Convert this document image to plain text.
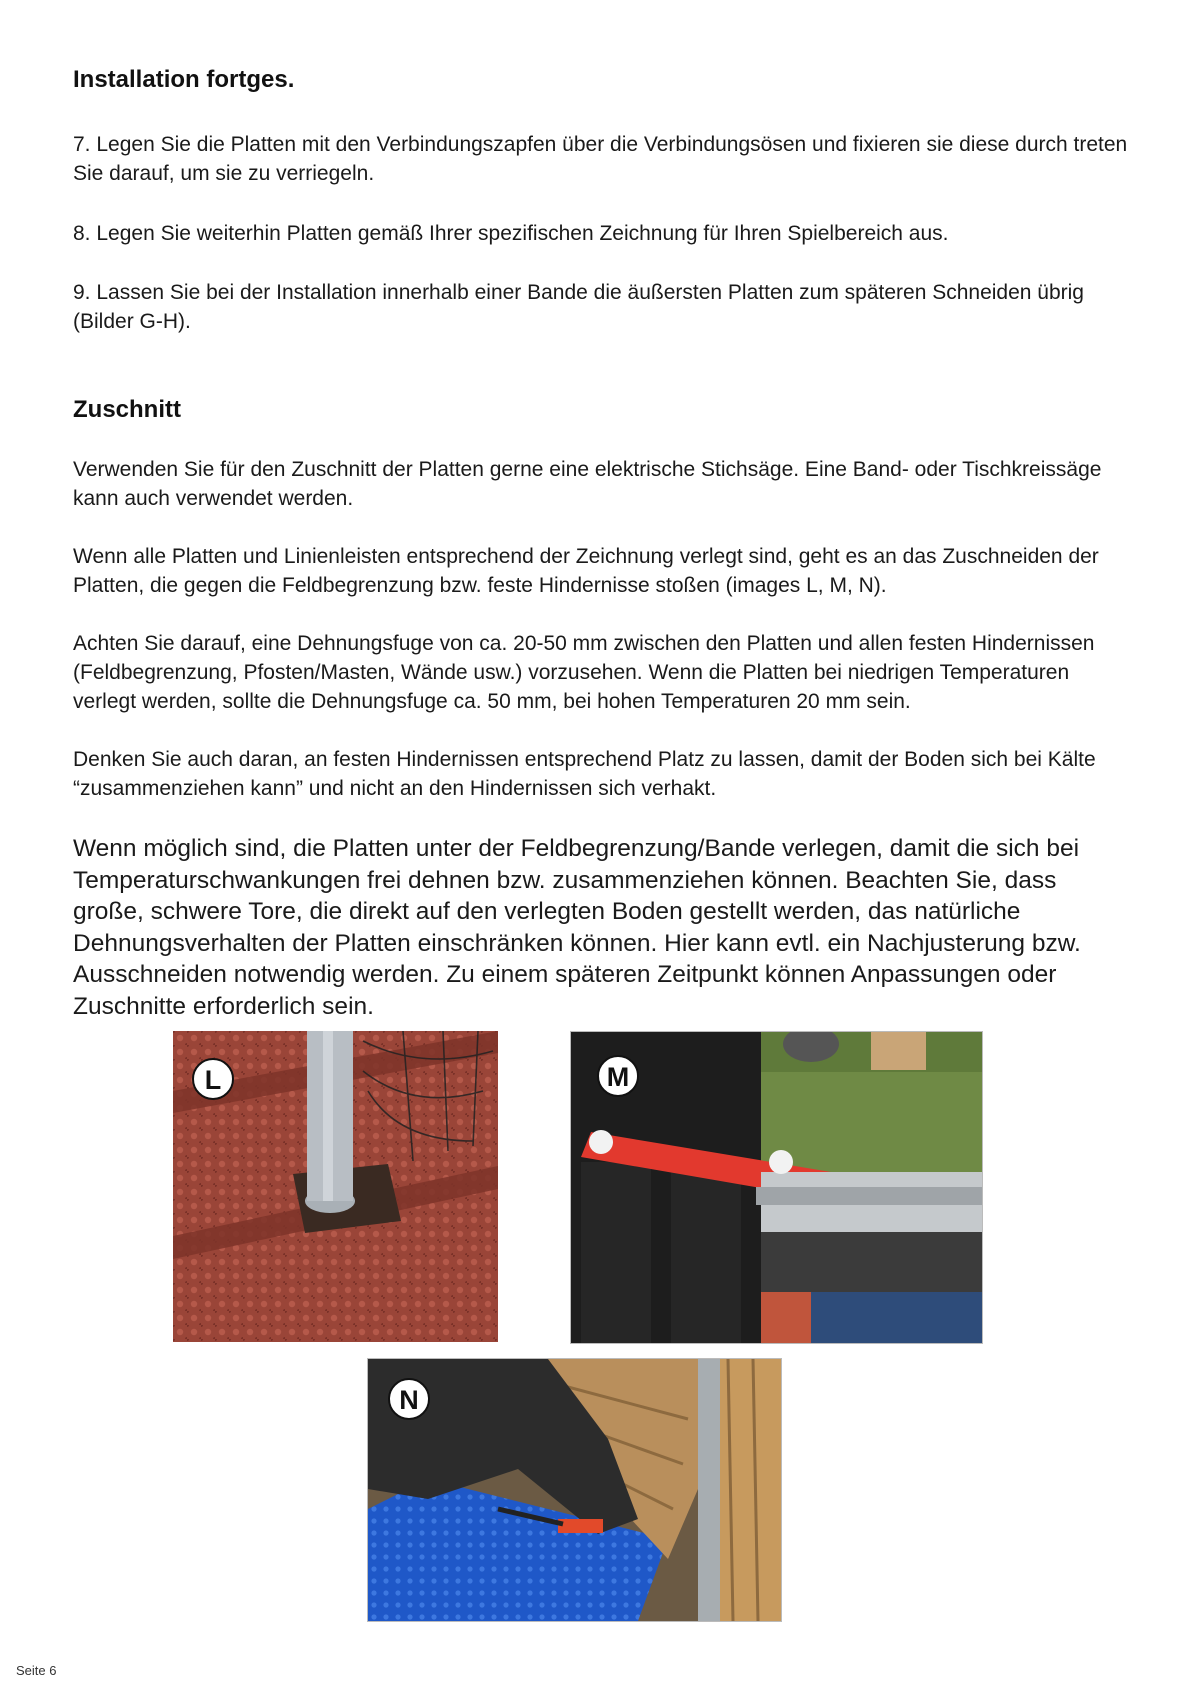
Installation fortges.

7. Legen Sie die Platten mit den Verbindungszapfen über die Verbindungsösen und fixieren sie diese durch treten Sie darauf, um sie zu verriegeln.

8. Legen Sie weiterhin Platten gemäß Ihrer spezifischen Zeichnung für Ihren Spielbereich aus.

9. Lassen Sie bei der Installation innerhalb einer Bande die äußersten Platten zum späteren Schneiden übrig (Bilder G-H).

Zuschnitt

Verwenden Sie für den Zuschnitt der Platten gerne eine elektrische Stichsäge. Eine Band- oder Tischkreissäge kann auch verwendet werden.

Wenn alle Platten und Linienleisten entsprechend der Zeichnung verlegt sind, geht es an das Zuschneiden der Platten, die gegen die Feldbegrenzung bzw. feste Hindernisse stoßen (images L, M, N).

Achten Sie darauf, eine Dehnungsfuge von ca. 20-50 mm zwischen den Platten und allen festen Hindernissen (Feldbegrenzung, Pfosten/Masten, Wände usw.) vorzusehen. Wenn die Platten bei niedrigen Temperaturen verlegt werden, sollte die Dehnungsfuge ca. 50 mm, bei hohen Temperaturen 20 mm sein.

Denken Sie auch daran, an festen Hindernissen entsprechend Platz zu lassen, damit der Boden sich bei Kälte “zusammenziehen kann” und nicht an den Hindernissen sich verhakt.

Wenn möglich sind, die Platten unter der Feldbegrenzung/Bande verlegen, damit die sich bei Temperaturschwankungen frei dehnen bzw. zusammenziehen können. Beachten Sie, dass große, schwere Tore, die direkt auf den verlegten Boden gestellt werden, das natürliche Dehnungsverhalten der Platten einschränken können. Hier kann evtl. ein Nachjusterung bzw. Ausschneiden notwendig werden. Zu einem späteren Zeitpunkt können Anpassungen oder Zuschnitte erforderlich sein.

L	M
N
Seite 6
